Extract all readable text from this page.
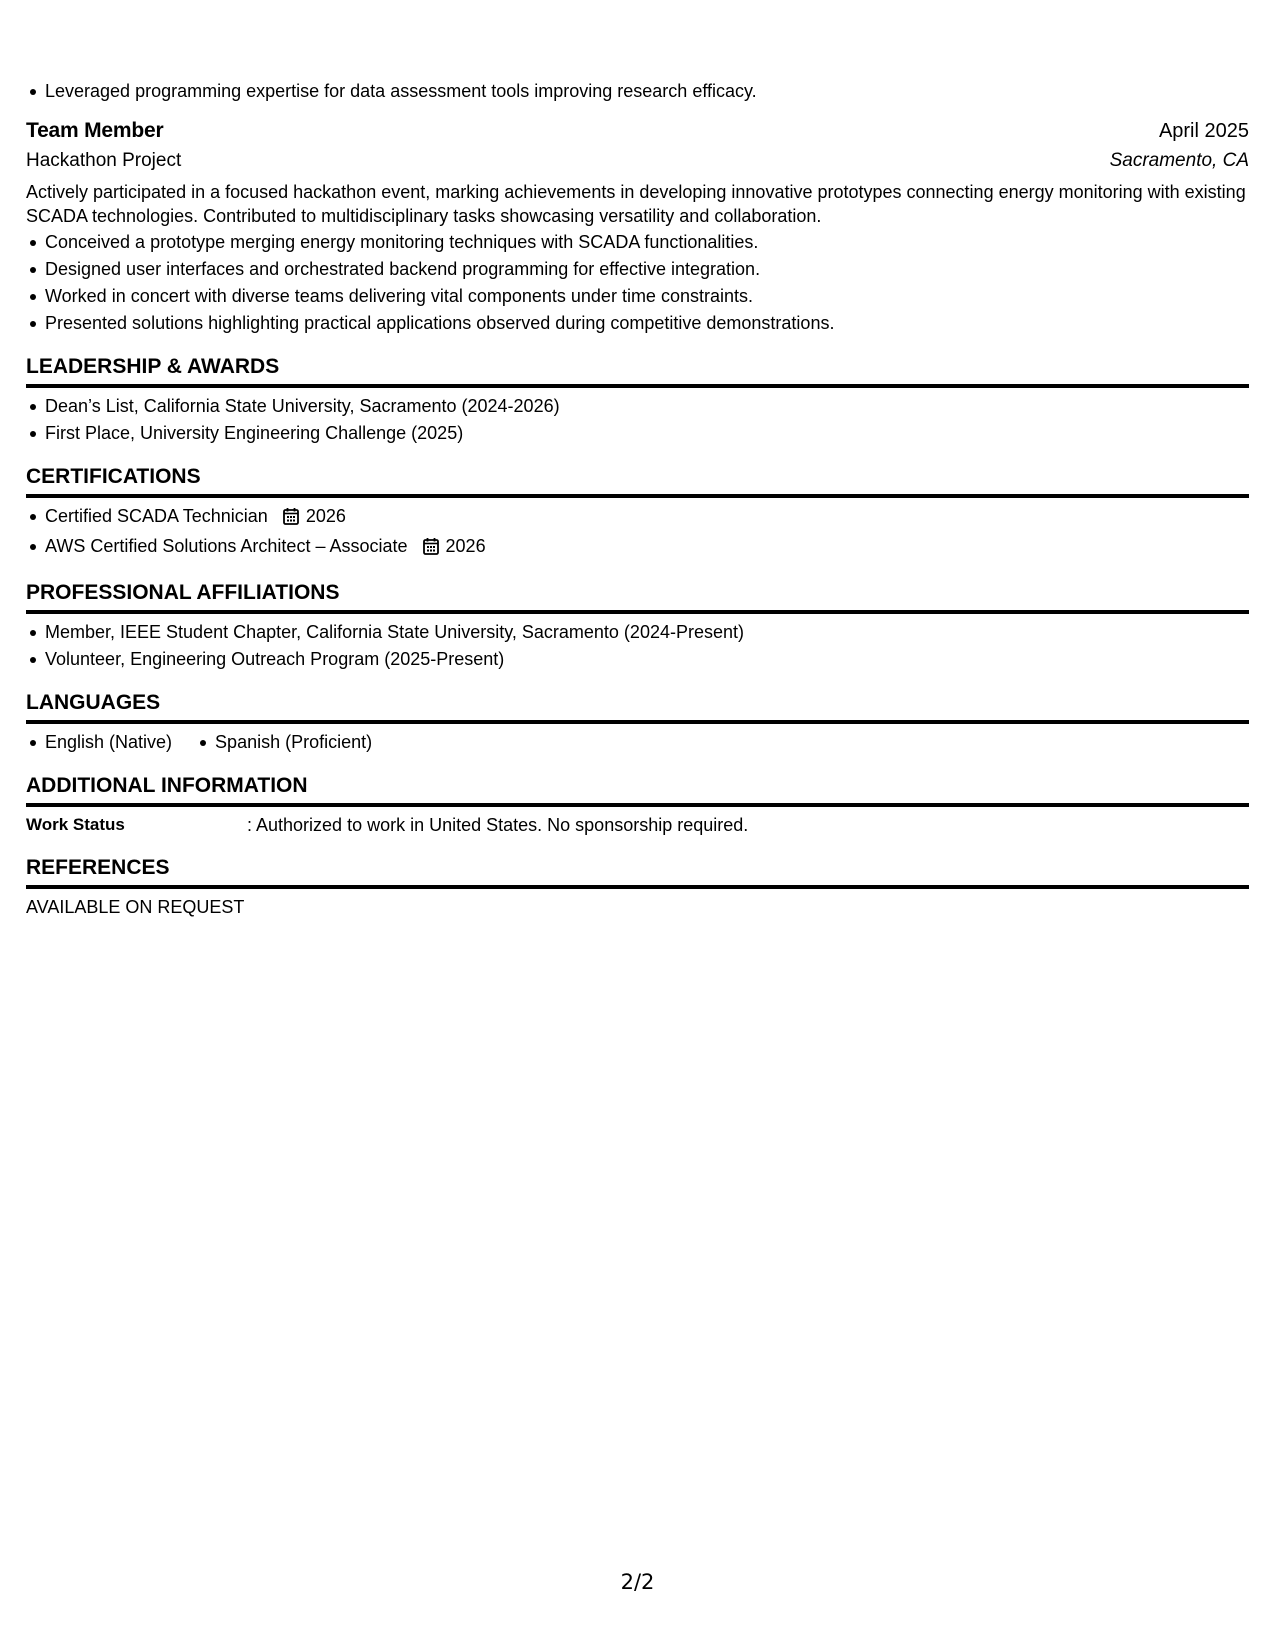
Leveraged programming expertise for data assessment tools improving research efficacy.
Team Member	April 2025
Hackathon Project	Sacramento, CA
Actively participated in a focused hackathon event, marking achievements in developing innovative prototypes connecting energy monitoring with existing SCADA technologies. Contributed to multidisciplinary tasks showcasing versatility and collaboration.
Conceived a prototype merging energy monitoring techniques with SCADA functionalities.
Designed user interfaces and orchestrated backend programming for effective integration.
Worked in concert with diverse teams delivering vital components under time constraints.
Presented solutions highlighting practical applications observed during competitive demonstrations.
LEADERSHIP & AWARDS
Dean’s List, California State University, Sacramento (2024-2026)
First Place, University Engineering Challenge (2025)
CERTIFICATIONS
Certified SCADA Technician 2026
AWS Certified Solutions Architect – Associate 2026
PROFESSIONAL AFFILIATIONS
Member, IEEE Student Chapter, California State University, Sacramento (2024-Present)
Volunteer, Engineering Outreach Program (2025-Present)
LANGUAGES
English (Native) Spanish (Proficient)
ADDITIONAL INFORMATION
Work Status	: Authorized to work in United States. No sponsorship required.
REFERENCES
AVAILABLE ON REQUEST
2/2
